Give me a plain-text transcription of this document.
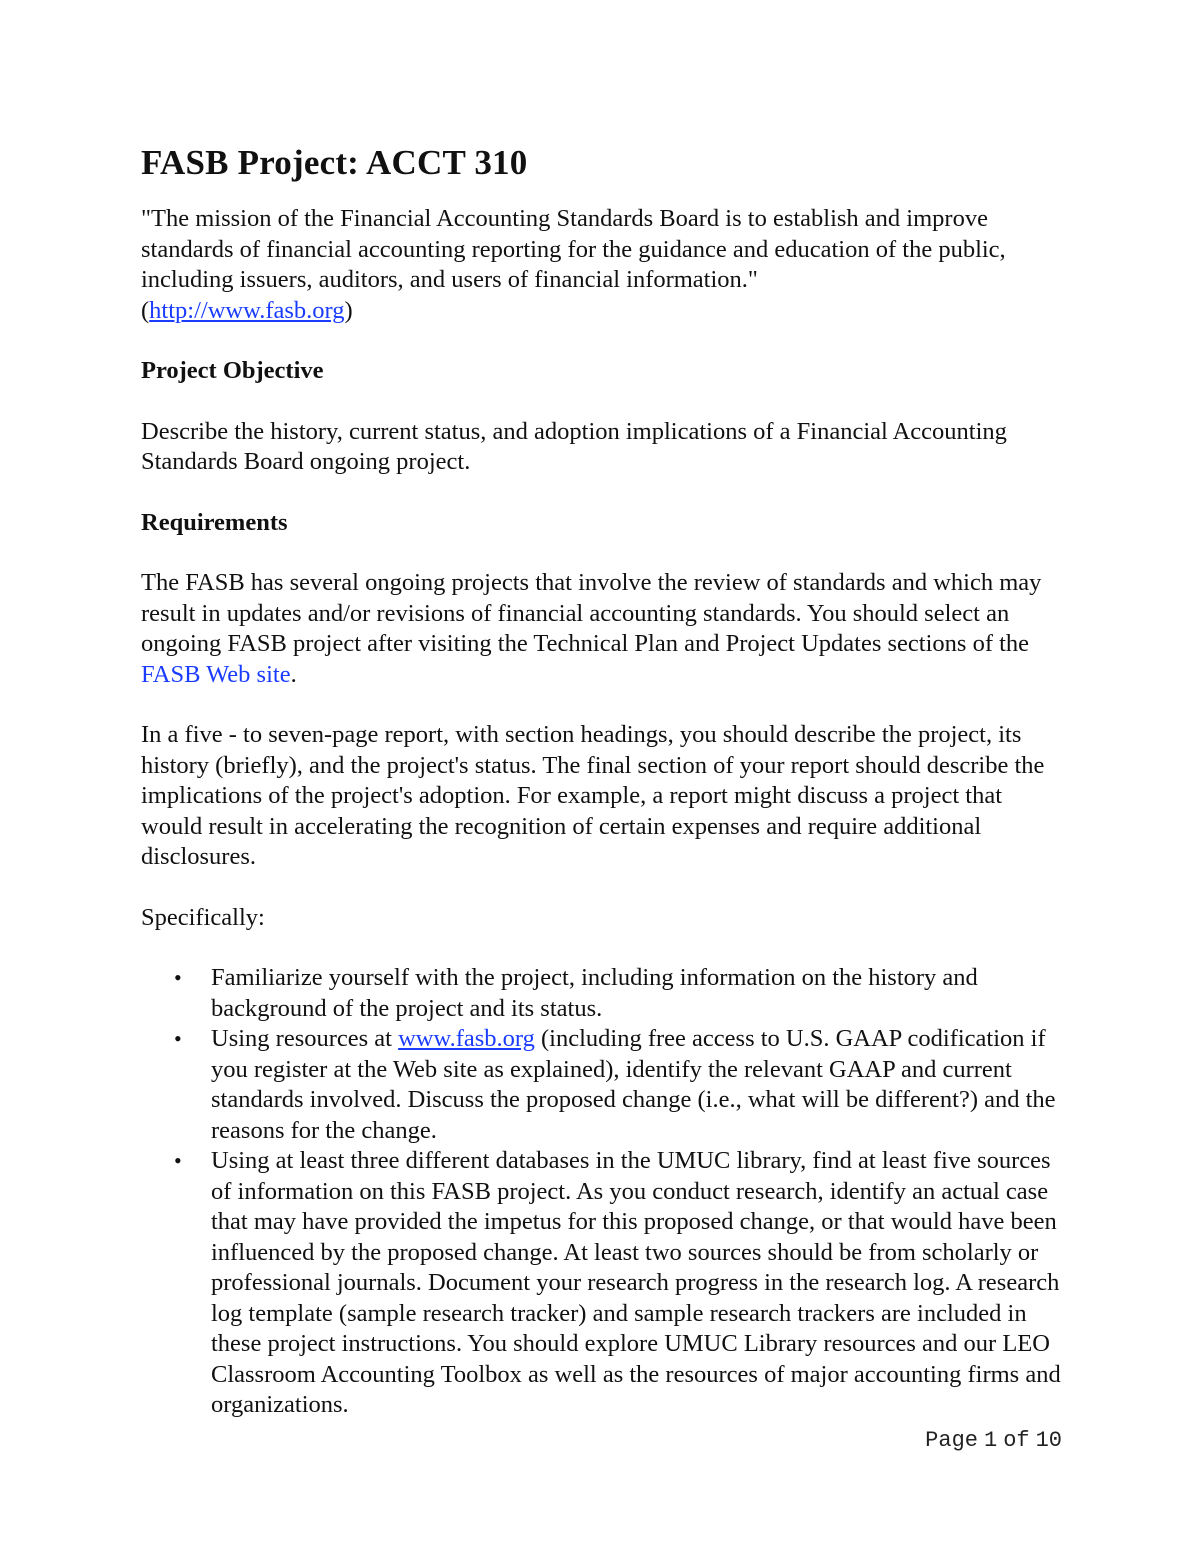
FASB Project: ACCT 310

"The mission of the Financial Accounting Standards Board is to establish and improve standards of financial accounting reporting for the guidance and education of the public, including issuers, auditors, and users of financial information."
(http://www.fasb.org)

Project Objective

Describe the history, current status, and adoption implications of a Financial Accounting Standards Board ongoing project.

Requirements

The FASB has several ongoing projects that involve the review of standards and which may result in updates and/or revisions of financial accounting standards. You should select an ongoing FASB project after visiting the Technical Plan and Project Updates sections of the FASB Web site.

In a five - to seven-page report, with section headings, you should describe the project, its history (briefly), and the project's status. The final section of your report should describe the implications of the project's adoption. For example, a report might discuss a project that would result in accelerating the recognition of certain expenses and require additional disclosures.

Specifically:

• Familiarize yourself with the project, including information on the history and background of the project and its status.
• Using resources at www.fasb.org (including free access to U.S. GAAP codification if you register at the Web site as explained), identify the relevant GAAP and current standards involved. Discuss the proposed change (i.e., what will be different?) and the reasons for the change.
• Using at least three different databases in the UMUC library, find at least five sources of information on this FASB project. As you conduct research, identify an actual case that may have provided the impetus for this proposed change, or that would have been influenced by the proposed change. At least two sources should be from scholarly or professional journals. Document your research progress in the research log. A research log template (sample research tracker) and sample research trackers are included in these project instructions. You should explore UMUC Library resources and our LEO Classroom Accounting Toolbox as well as the resources of major accounting firms and organizations.
Page 1 of 10
